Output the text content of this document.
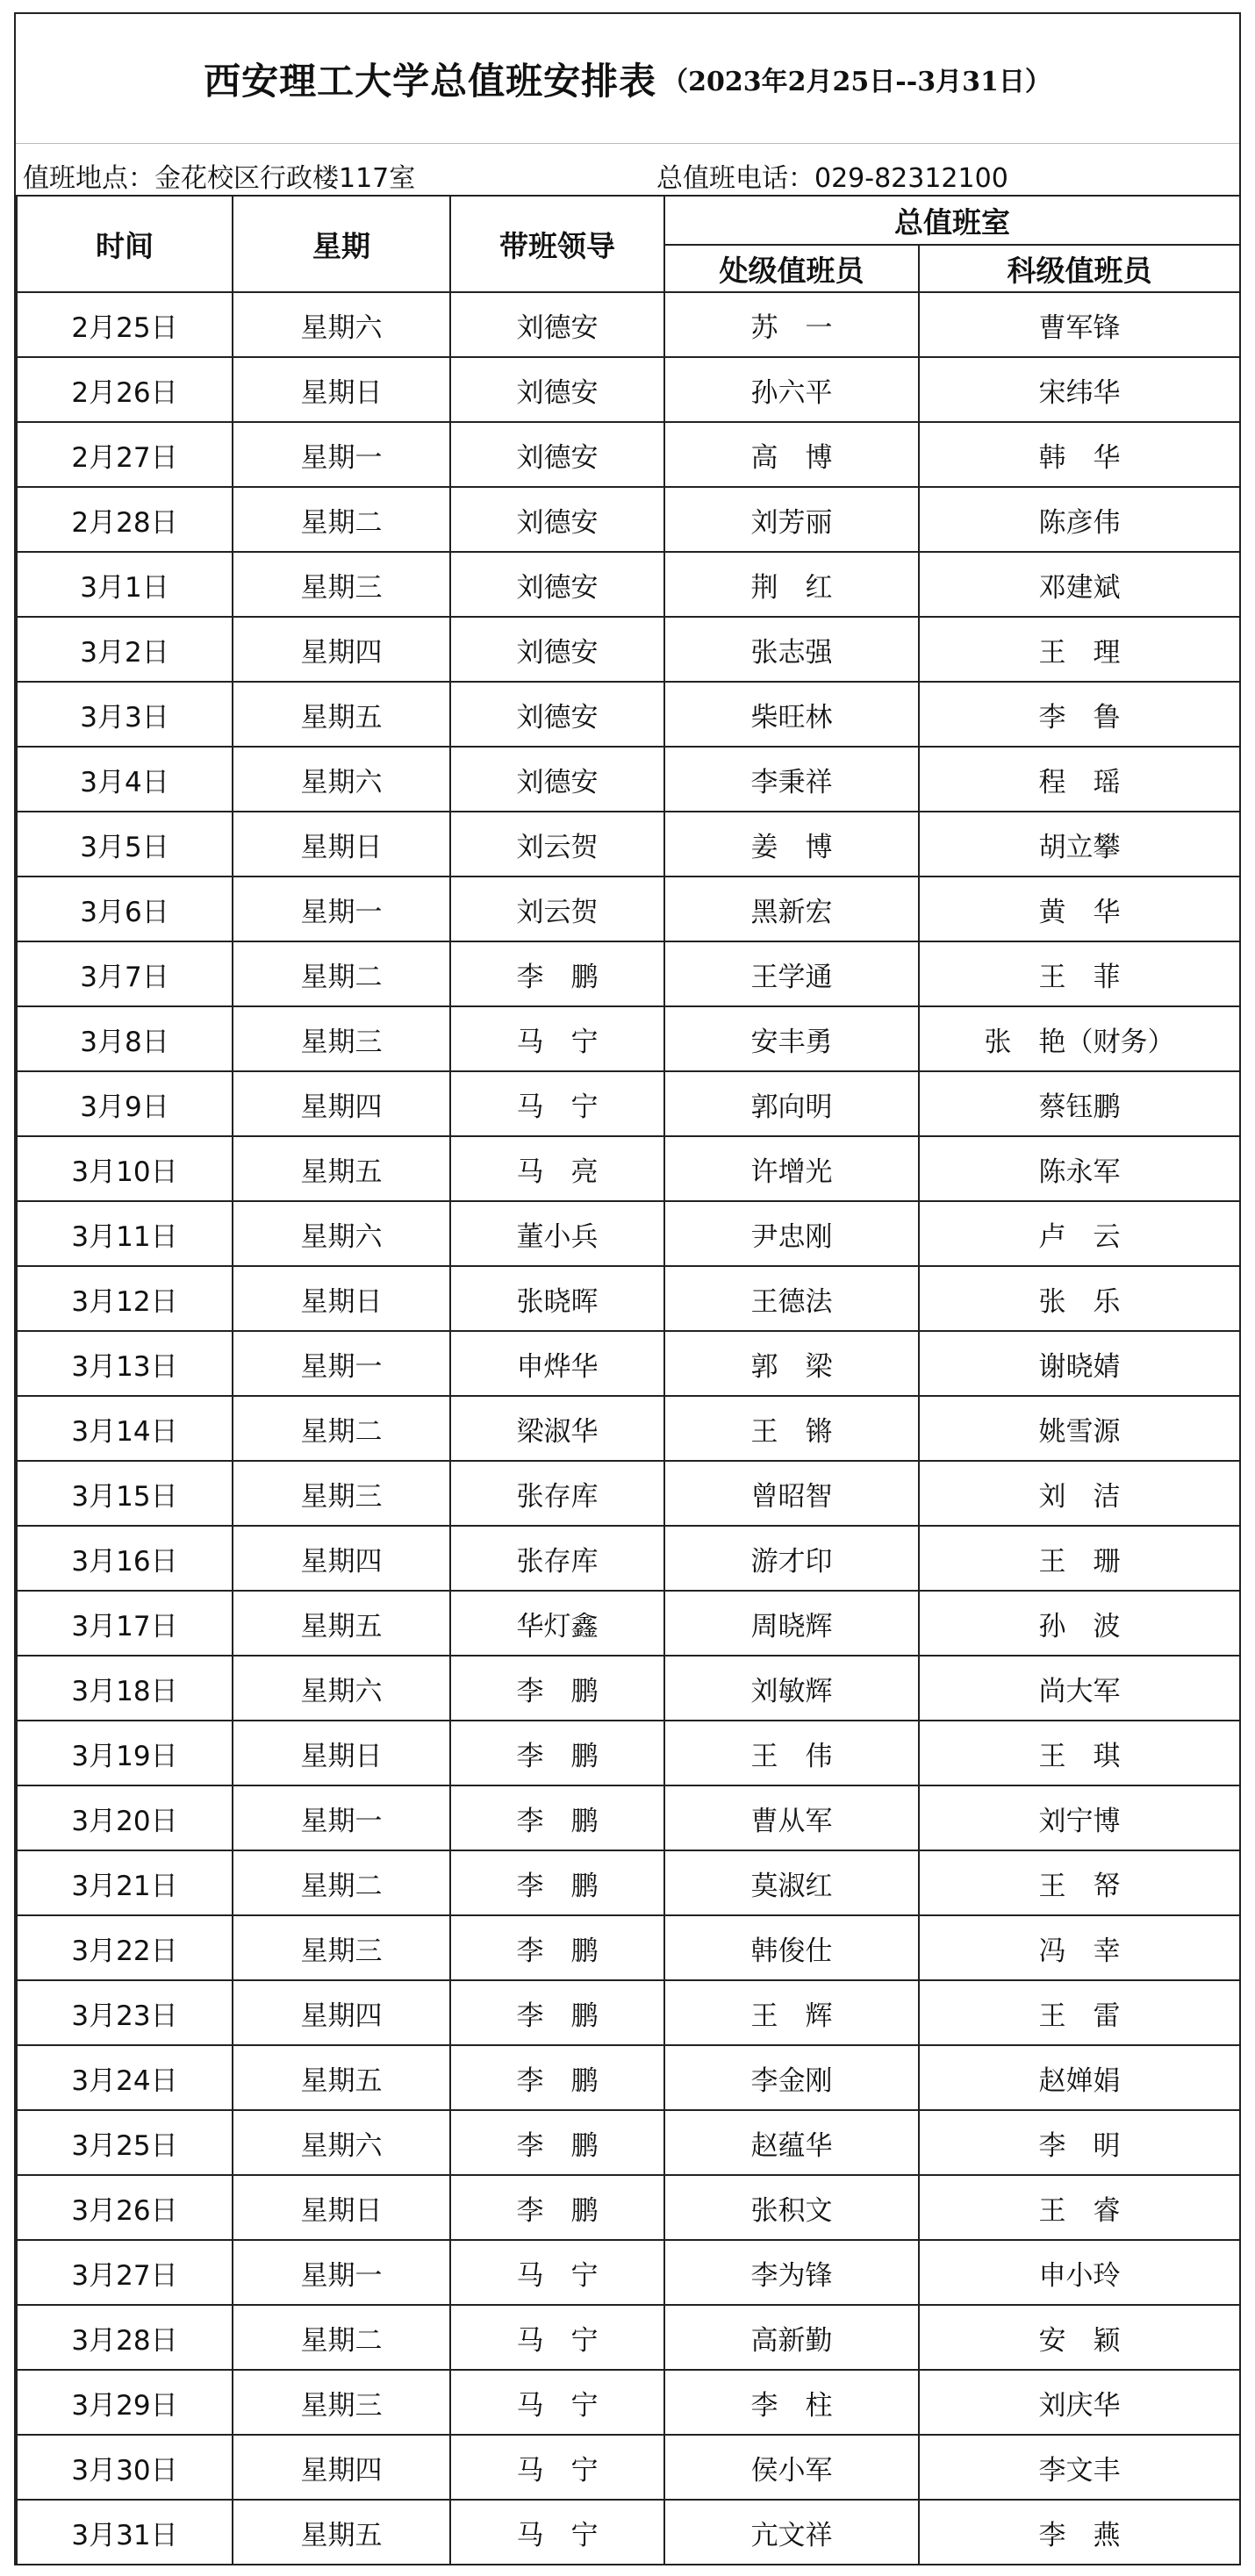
西安理工大学总值班安排表 （2023年2月25日--3月31日）
值班地点：金花校区行政楼117室	总值班电话：029-82312100
时间	星期	带班领导	总值班室	
			处级值班员	科级值班员
2月25日	星期六	刘德安	苏　一	曹军锋
2月26日	星期日	刘德安	孙六平	宋纬华
2月27日	星期一	刘德安	高　博	韩　华
2月28日	星期二	刘德安	刘芳丽	陈彦伟
3月1日	星期三	刘德安	荆　红	邓建斌
3月2日	星期四	刘德安	张志强	王　理
3月3日	星期五	刘德安	柴旺林	李　鲁
3月4日	星期六	刘德安	李秉祥	程　瑶
3月5日	星期日	刘云贺	姜　博	胡立攀
3月6日	星期一	刘云贺	黑新宏	黄　华
3月7日	星期二	李　鹏	王学通	王　菲
3月8日	星期三	马　宁	安丰勇	张　艳（财务）
3月9日	星期四	马　宁	郭向明	蔡钰鹏
3月10日	星期五	马　亮	许增光	陈永军
3月11日	星期六	董小兵	尹忠刚	卢　云
3月12日	星期日	张晓晖	王德法	张　乐
3月13日	星期一	申烨华	郭　梁	谢晓婧
3月14日	星期二	梁淑华	王　锵	姚雪源
3月15日	星期三	张存库	曾昭智	刘　洁
3月16日	星期四	张存库	游才印	王　珊
3月17日	星期五	华灯鑫	周晓辉	孙　波
3月18日	星期六	李　鹏	刘敏辉	尚大军
3月19日	星期日	李　鹏	王　伟	王　琪
3月20日	星期一	李　鹏	曹从军	刘宁博
3月21日	星期二	李　鹏	莫淑红	王　帑
3月22日	星期三	李　鹏	韩俊仕	冯　幸
3月23日	星期四	李　鹏	王　辉	王　雷
3月24日	星期五	李　鹏	李金刚	赵婵娟
3月25日	星期六	李　鹏	赵蕴华	李　明
3月26日	星期日	李　鹏	张积文	王　睿
3月27日	星期一	马　宁	李为锋	申小玲
3月28日	星期二	马　宁	高新勤	安　颖
3月29日	星期三	马　宁	李　柱	刘庆华
3月30日	星期四	马　宁	侯小军	李文丰
3月31日	星期五	马　宁	亢文祥	李　燕
